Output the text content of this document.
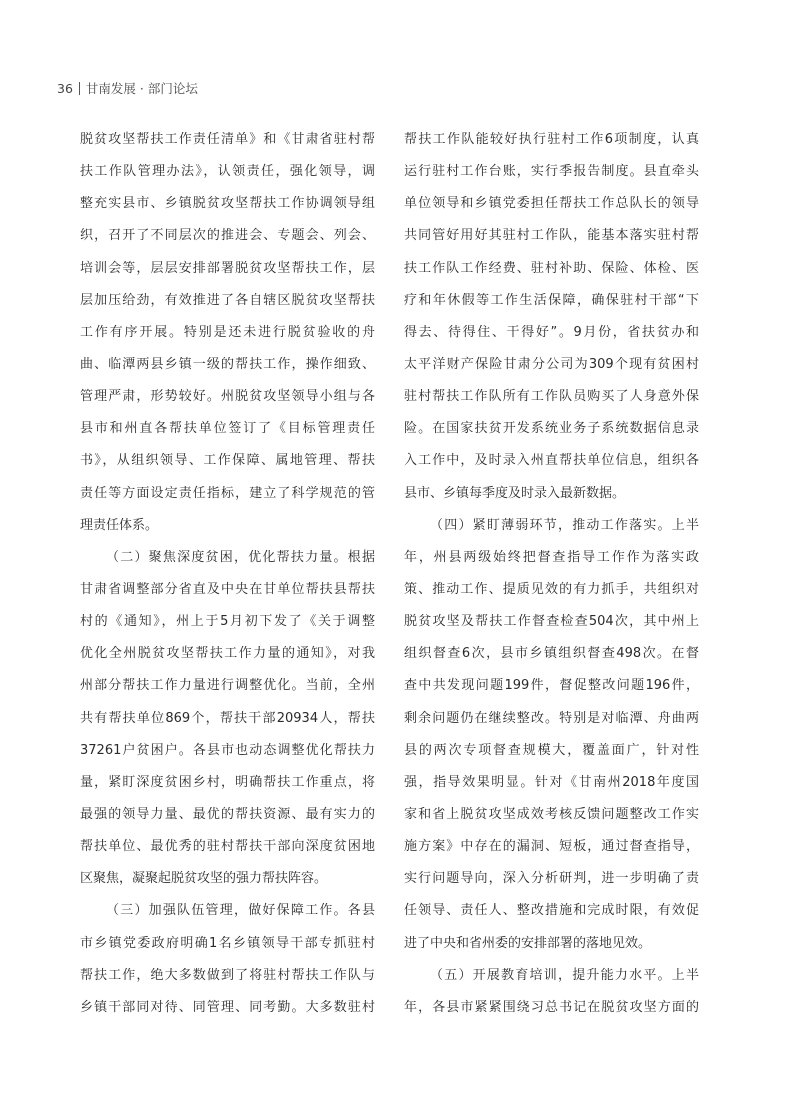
36 甘南发展 · 部门论坛
脱贫攻坚帮扶工作责任清单》和《甘肃省驻村帮
扶工作队管理办法》，认领责任，强化领导，调
整充实县市、乡镇脱贫攻坚帮扶工作协调领导组
织，召开了不同层次的推进会、专题会、列会、
培训会等，层层安排部署脱贫攻坚帮扶工作，层
层加压给劲，有效推进了各自辖区脱贫攻坚帮扶
工作有序开展。特别是还未进行脱贫验收的舟
曲、临潭两县乡镇一级的帮扶工作，操作细致、
管理严肃，形势较好。州脱贫攻坚领导小组与各
县市和州直各帮扶单位签订了《目标管理责任
书》，从组织领导、工作保障、属地管理、帮扶
责任等方面设定责任指标，建立了科学规范的管
理责任体系。
（二）聚焦深度贫困，优化帮扶力量。根据
甘肃省调整部分省直及中央在甘单位帮扶县帮扶
村的《通知》，州上于5月初下发了《关于调整
优化全州脱贫攻坚帮扶工作力量的通知》，对我
州部分帮扶工作力量进行调整优化。当前，全州
共有帮扶单位869个，帮扶干部20934人，帮扶
37261户贫困户。各县市也动态调整优化帮扶力
量，紧盯深度贫困乡村，明确帮扶工作重点，将
最强的领导力量、最优的帮扶资源、最有实力的
帮扶单位、最优秀的驻村帮扶干部向深度贫困地
区聚焦，凝聚起脱贫攻坚的强力帮扶阵容。
（三）加强队伍管理，做好保障工作。各县
市乡镇党委政府明确1名乡镇领导干部专抓驻村
帮扶工作，绝大多数做到了将驻村帮扶工作队与
乡镇干部同对待、同管理、同考勤。大多数驻村
帮扶工作队能较好执行驻村工作6项制度，认真
运行驻村工作台账，实行季报告制度。县直牵头
单位领导和乡镇党委担任帮扶工作总队长的领导
共同管好用好其驻村工作队，能基本落实驻村帮
扶工作队工作经费、驻村补助、保险、体检、医
疗和年休假等工作生活保障，确保驻村干部“下
得去、待得住、干得好”。9月份，省扶贫办和
太平洋财产保险甘肃分公司为309个现有贫困村
驻村帮扶工作队所有工作队员购买了人身意外保
险。在国家扶贫开发系统业务子系统数据信息录
入工作中，及时录入州直帮扶单位信息，组织各
县市、乡镇每季度及时录入最新数据。
（四）紧盯薄弱环节，推动工作落实。上半
年，州县两级始终把督查指导工作作为落实政
策、推动工作、提质见效的有力抓手，共组织对
脱贫攻坚及帮扶工作督查检查504次，其中州上
组织督查6次，县市乡镇组织督查498次。在督
查中共发现问题199件，督促整改问题196件，
剩余问题仍在继续整改。特别是对临潭、舟曲两
县的两次专项督查规模大，覆盖面广，针对性
强，指导效果明显。针对《甘南州2018年度国
家和省上脱贫攻坚成效考核反馈问题整改工作实
施方案》中存在的漏洞、短板，通过督查指导，
实行问题导向，深入分析研判，进一步明确了责
任领导、责任人、整改措施和完成时限，有效促
进了中央和省州委的安排部署的落地见效。
（五）开展教育培训，提升能力水平。上半
年，各县市紧紧围绕习总书记在脱贫攻坚方面的
